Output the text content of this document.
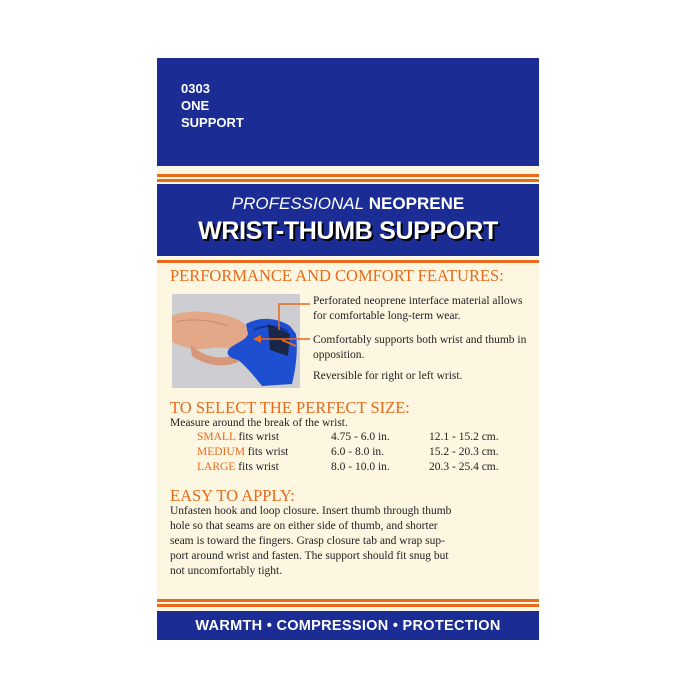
0303
ONE
SUPPORT
PROFESSIONAL NEOPRENE
WRIST-THUMB SUPPORT
PERFORMANCE AND COMFORT FEATURES:
Perforated neoprene interface material allows for comfortable long-term wear.
Comfortably supports both wrist and thumb in opposition.
Reversible for right or left wrist.
TO SELECT THE PERFECT SIZE:
Measure around the break of the wrist.
SMALL fits wrist	4.75 - 6.0 in.	12.1 - 15.2 cm.
MEDIUM fits wrist	6.0 - 8.0 in.	15.2 - 20.3 cm.
LARGE fits wrist	8.0 - 10.0 in.	20.3 - 25.4 cm.
EASY TO APPLY:
Unfasten hook and loop closure. Insert thumb through thumb
hole so that seams are on either side of thumb, and shorter
seam is toward the fingers. Grasp closure tab and wrap sup-
port around wrist and fasten. The support should fit snug but
not uncomfortably tight.
WARMTH • COMPRESSION • PROTECTION
